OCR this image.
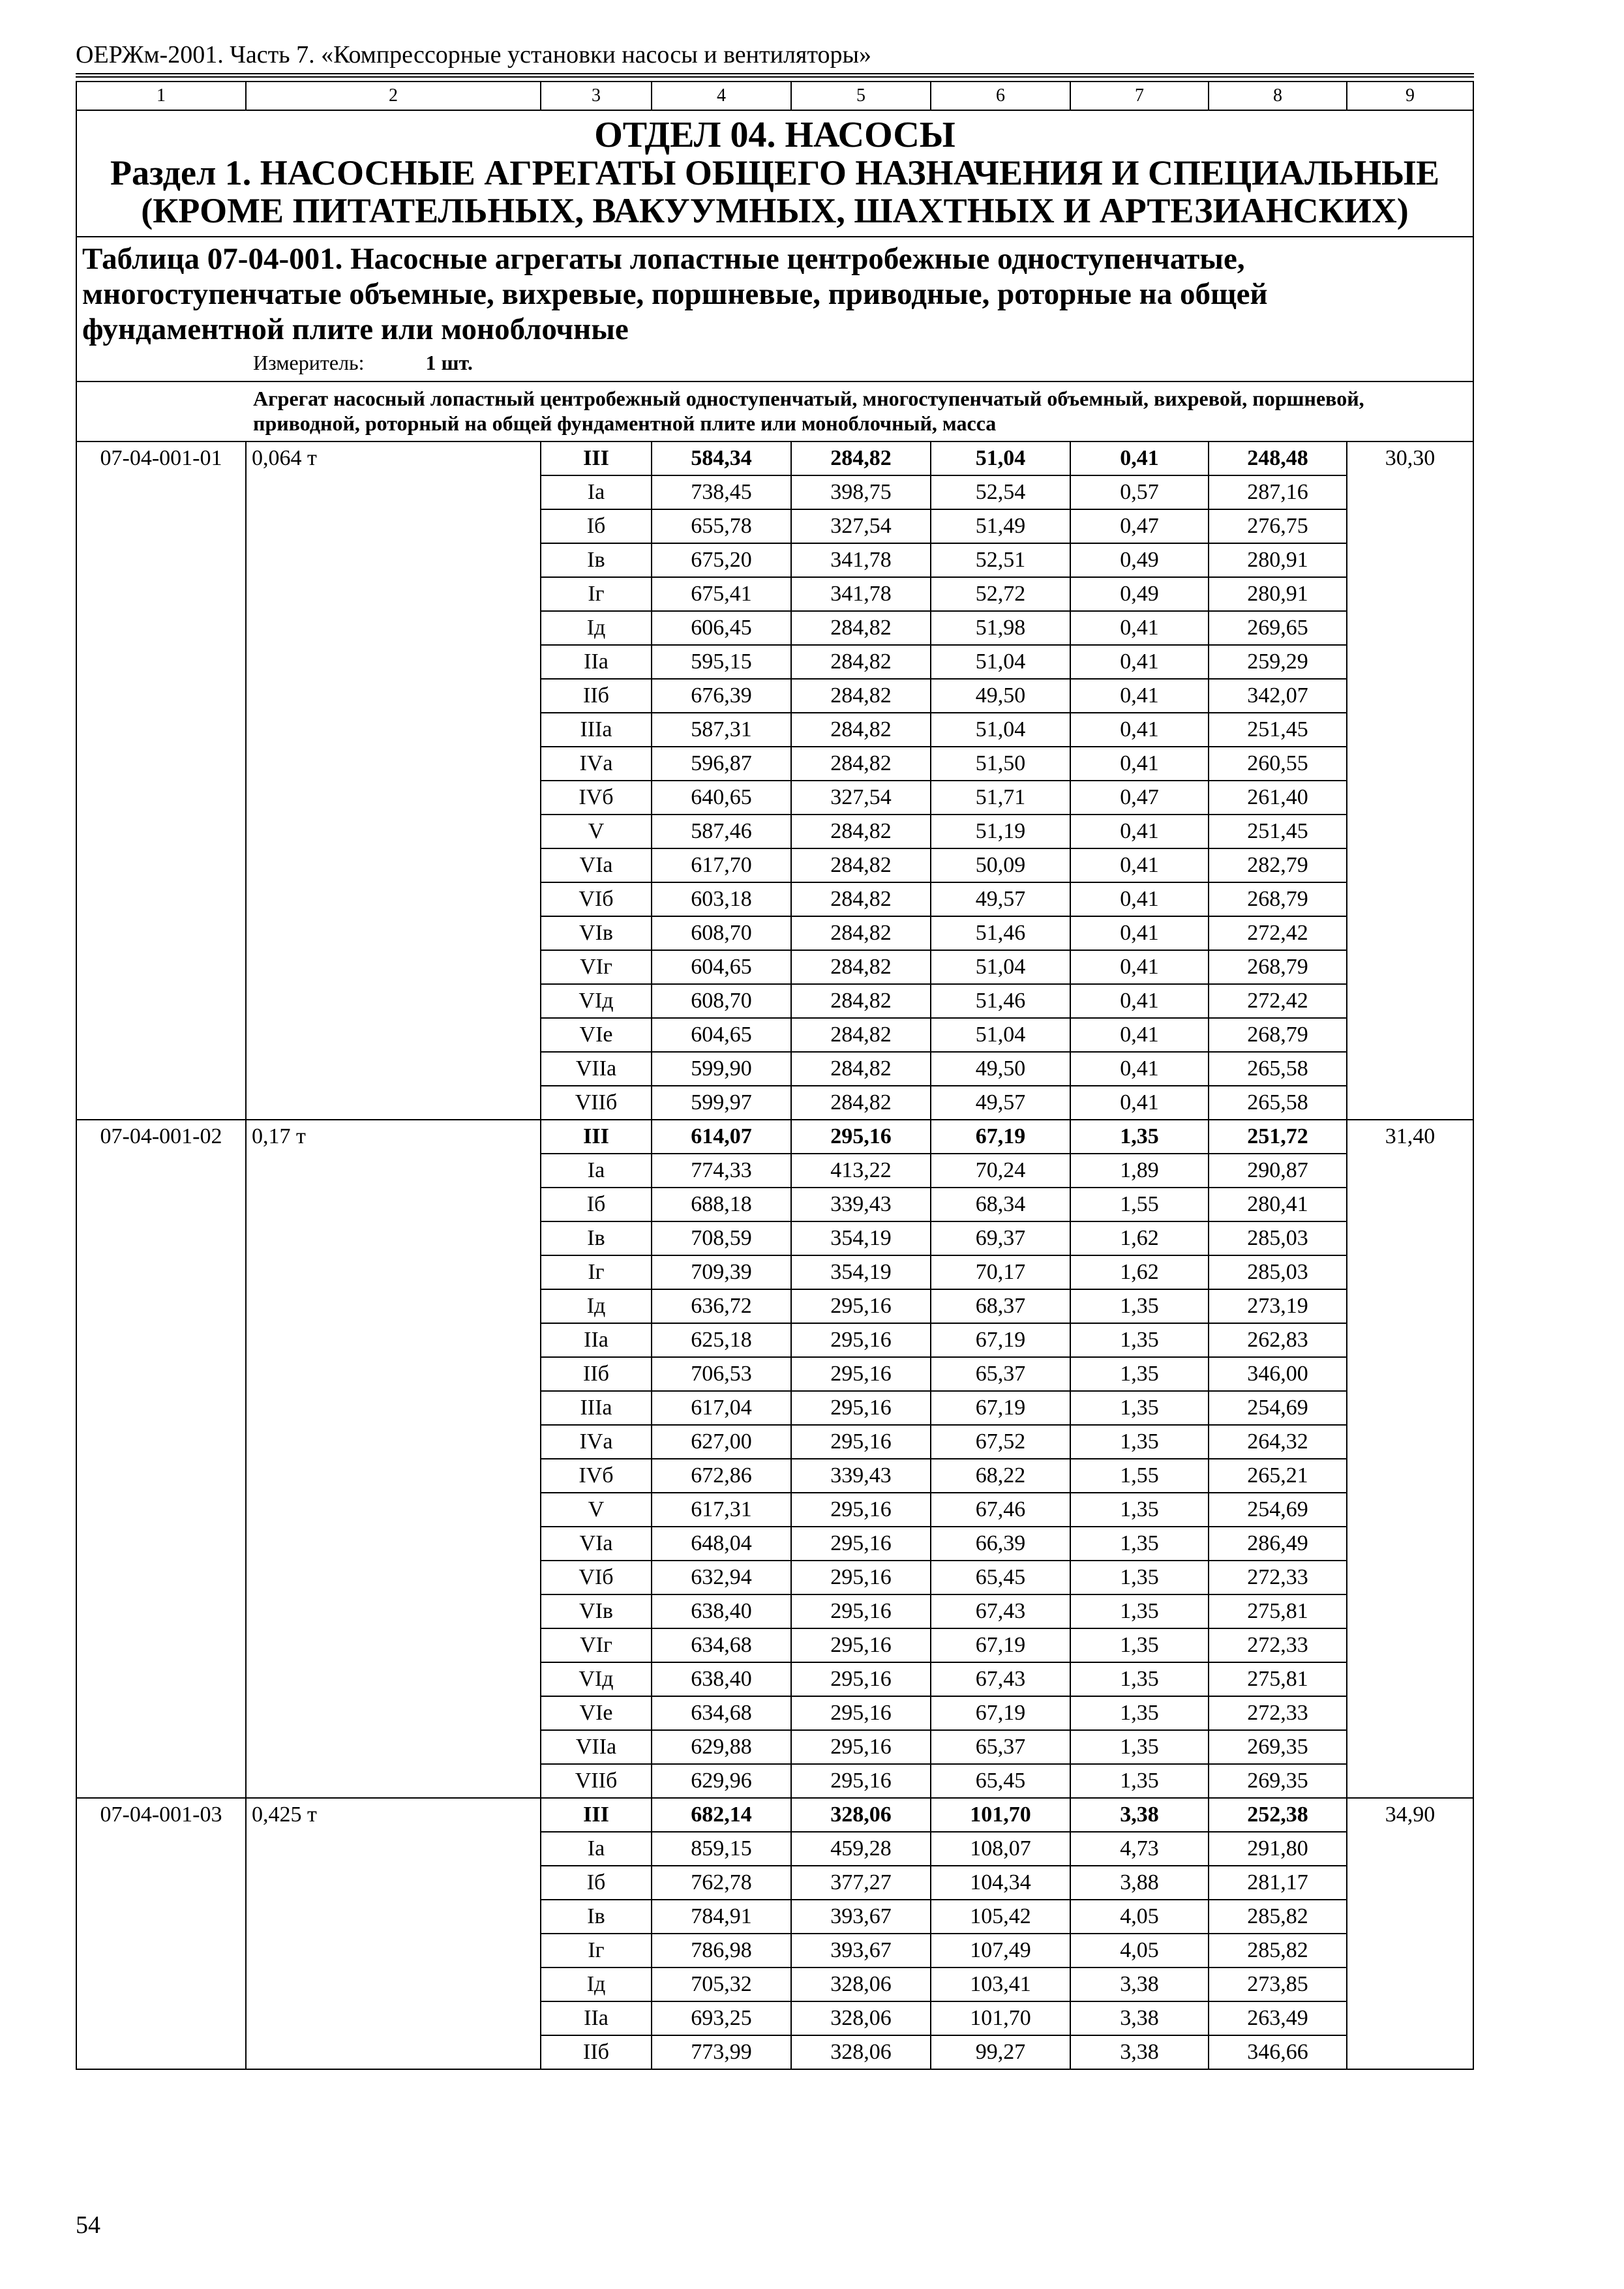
ОЕРЖм-2001. Часть 7. «Компрессорные установки насосы и вентиляторы»
1	2	3	4	5	6	7	8	9

ОТДЕЛ 04. НАСОСЫ
Раздел 1. НАСОСНЫЕ АГРЕГАТЫ ОБЩЕГО НАЗНАЧЕНИЯ И СПЕЦИАЛЬНЫЕ (КРОМЕ ПИТАТЕЛЬНЫХ, ВАКУУМНЫХ, ШАХТНЫХ И АРТЕЗИАНСКИХ)								

Таблица 07-04-001. Насосные агрегаты лопастные центробежные одноступенчатые, многоступенчатые объемные, вихревые, поршневые, приводные, роторные на общей фундаментной плите или моноблочные
Измеритель: 1 шт.								

Агрегат насосный лопастный центробежный одноступенчатый, многоступенчатый объемный, вихревой, поршневой, приводной, роторный на общей фундаментной плите или моноблочный, масса								

07-04-001-01	0,064 т	III	584,34	284,82	51,04	0,41	248,48	30,30
		Iа	738,45	398,75	52,54	0,57	287,16	
		Iб	655,78	327,54	51,49	0,47	276,75	
		Iв	675,20	341,78	52,51	0,49	280,91	
		Iг	675,41	341,78	52,72	0,49	280,91	
		Iд	606,45	284,82	51,98	0,41	269,65	
		IIа	595,15	284,82	51,04	0,41	259,29	
		IIб	676,39	284,82	49,50	0,41	342,07	
		IIIа	587,31	284,82	51,04	0,41	251,45	
		IVа	596,87	284,82	51,50	0,41	260,55	
		IVб	640,65	327,54	51,71	0,47	261,40	
		V	587,46	284,82	51,19	0,41	251,45	
		VIа	617,70	284,82	50,09	0,41	282,79	
		VIб	603,18	284,82	49,57	0,41	268,79	
		VIв	608,70	284,82	51,46	0,41	272,42	
		VIг	604,65	284,82	51,04	0,41	268,79	
		VIд	608,70	284,82	51,46	0,41	272,42	
		VIе	604,65	284,82	51,04	0,41	268,79	
		VIIа	599,90	284,82	49,50	0,41	265,58	
		VIIб	599,97	284,82	49,57	0,41	265,58	
07-04-001-02	0,17 т	III	614,07	295,16	67,19	1,35	251,72	31,40
		Iа	774,33	413,22	70,24	1,89	290,87	
		Iб	688,18	339,43	68,34	1,55	280,41	
		Iв	708,59	354,19	69,37	1,62	285,03	
		Iг	709,39	354,19	70,17	1,62	285,03	
		Iд	636,72	295,16	68,37	1,35	273,19	
		IIа	625,18	295,16	67,19	1,35	262,83	
		IIб	706,53	295,16	65,37	1,35	346,00	
		IIIа	617,04	295,16	67,19	1,35	254,69	
		IVа	627,00	295,16	67,52	1,35	264,32	
		IVб	672,86	339,43	68,22	1,55	265,21	
		V	617,31	295,16	67,46	1,35	254,69	
		VIа	648,04	295,16	66,39	1,35	286,49	
		VIб	632,94	295,16	65,45	1,35	272,33	
		VIв	638,40	295,16	67,43	1,35	275,81	
		VIг	634,68	295,16	67,19	1,35	272,33	
		VIд	638,40	295,16	67,43	1,35	275,81	
		VIе	634,68	295,16	67,19	1,35	272,33	
		VIIа	629,88	295,16	65,37	1,35	269,35	
		VIIб	629,96	295,16	65,45	1,35	269,35	
07-04-001-03	0,425 т	III	682,14	328,06	101,70	3,38	252,38	34,90
		Iа	859,15	459,28	108,07	4,73	291,80	
		Iб	762,78	377,27	104,34	3,88	281,17	
		Iв	784,91	393,67	105,42	4,05	285,82	
		Iг	786,98	393,67	107,49	4,05	285,82	
		Iд	705,32	328,06	103,41	3,38	273,85	
		IIа	693,25	328,06	101,70	3,38	263,49	
		IIб	773,99	328,06	99,27	3,38	346,66	
54
